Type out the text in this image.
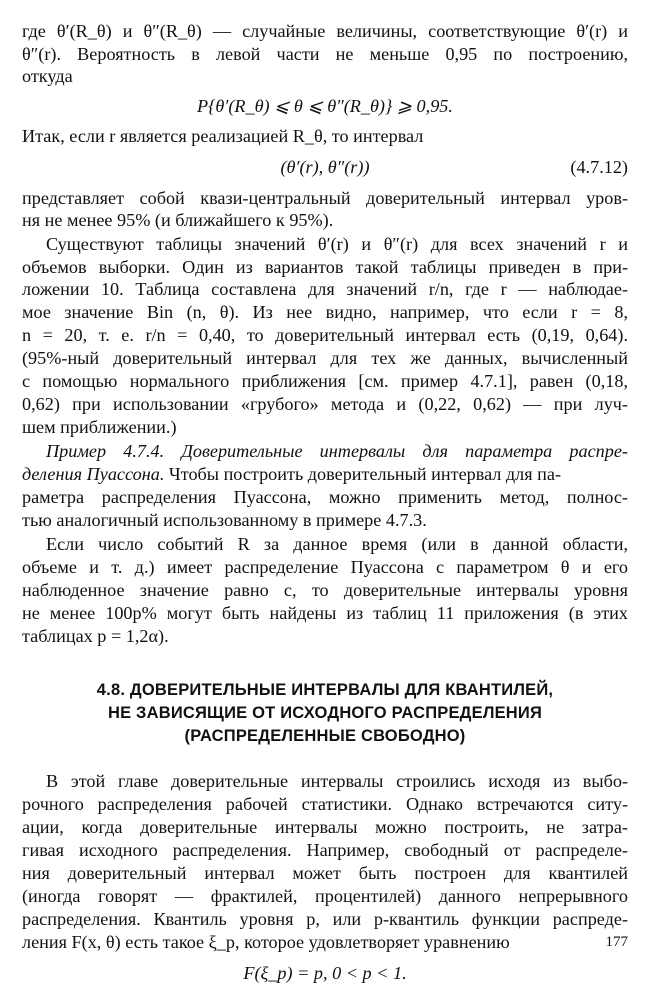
где θ′(R_θ) и θ″(R_θ) — случайные величины, соответствующие θ′(r) и
θ″(r). Вероятность в левой части не меньше 0,95 по построению,
откуда
P{θ′(R_θ) ⩽ θ ⩽ θ″(R_θ)} ⩾ 0,95.
Итак, если r является реализацией R_θ, то интервал
(θ′(r), θ″(r))	(4.7.12)
представляет собой квази-центральный доверительный интервал уров-
ня не менее 95% (и ближайшего к 95%).
Существуют таблицы значений θ′(r) и θ″(r) для всех значений r и
объемов выборки. Один из вариантов такой таблицы приведен в при-
ложении 10. Таблица составлена для значений r/n, где r — наблюдае-
мое значение Bin (n, θ). Из нее видно, например, что если r = 8,
n = 20, т. е. r/n = 0,40, то доверительный интервал есть (0,19, 0,64).
(95%-ный доверительный интервал для тех же данных, вычисленный
с помощью нормального приближения [см. пример 4.7.1], равен (0,18,
0,62) при использовании «грубого» метода и (0,22, 0,62) — при луч-
шем приближении.)
Пример 4.7.4. Доверительные интервалы для параметра распре-
деления Пуассона. Чтобы построить доверительный интервал для па-
раметра распределения Пуассона, можно применить метод, полнос-
тью аналогичный использованному в примере 4.7.3.
Если число событий R за данное время (или в данной области,
объеме и т. д.) имеет распределение Пуассона с параметром θ и его
наблюденное значение равно c, то доверительные интервалы уровня
не менее 100p% могут быть найдены из таблиц 11 приложения (в этих
таблицах p = 1,2α).
4.8. ДОВЕРИТЕЛЬНЫЕ ИНТЕРВАЛЫ ДЛЯ КВАНТИЛЕЙ,
НЕ ЗАВИСЯЩИЕ ОТ ИСХОДНОГО РАСПРЕДЕЛЕНИЯ
(РАСПРЕДЕЛЕННЫЕ СВОБОДНО)
В этой главе доверительные интервалы строились исходя из выбо-
рочного распределения рабочей статистики. Однако встречаются ситу-
ации, когда доверительные интервалы можно построить, не затра-
гивая исходного распределения. Например, свободный от распределе-
ния доверительный интервал может быть построен для квантилей
(иногда говорят — фрактилей, процентилей) данного непрерывного
распределения. Квантиль уровня p, или p-квантиль функции распреде-
ления F(x, θ) есть такое ξ_p, которое удовлетворяет уравнению
F(ξ_p) = p, 0 < p < 1.
177
